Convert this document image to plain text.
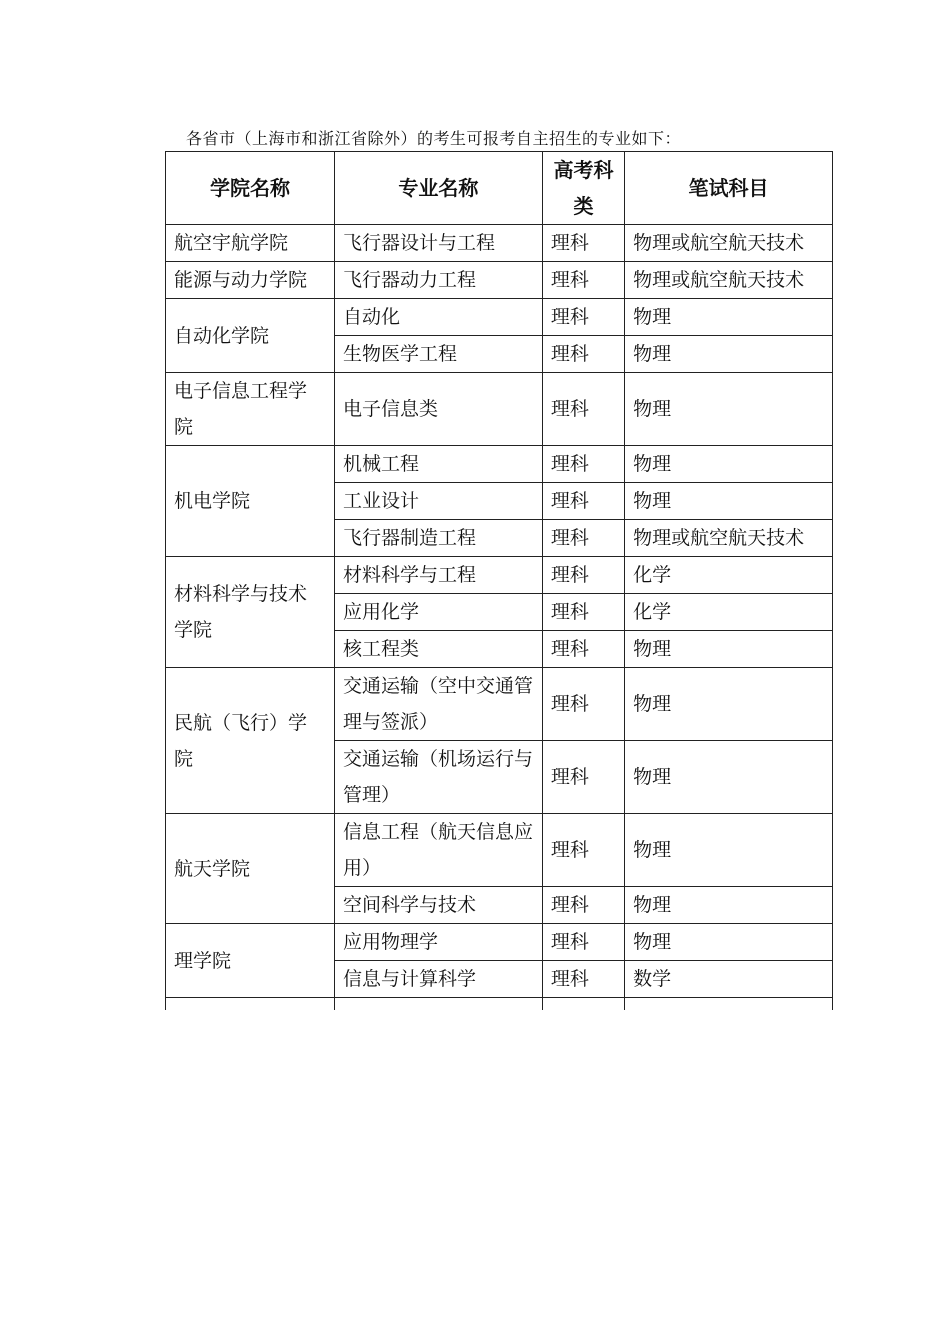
各省市（上海市和浙江省除外）的考生可报考自主招生的专业如下：
学院名称	专业名称	高考科类	笔试科目
航空宇航学院	飞行器设计与工程	理科	物理或航空航天技术
能源与动力学院	飞行器动力工程	理科	物理或航空航天技术
自动化学院	自动化	理科	物理
	生物医学工程	理科	物理
电子信息工程学院	电子信息类	理科	物理
机电学院	机械工程	理科	物理
	工业设计	理科	物理
	飞行器制造工程	理科	物理或航空航天技术
材料科学与技术学院	材料科学与工程	理科	化学
	应用化学	理科	化学
	核工程类	理科	物理
民航（飞行）学院	交通运输（空中交通管理与签派）	理科	物理
	交通运输（机场运行与管理）	理科	物理
航天学院	信息工程（航天信息应用）	理科	物理
	空间科学与技术	理科	物理
理学院	应用物理学	理科	物理
	信息与计算科学	理科	数学
